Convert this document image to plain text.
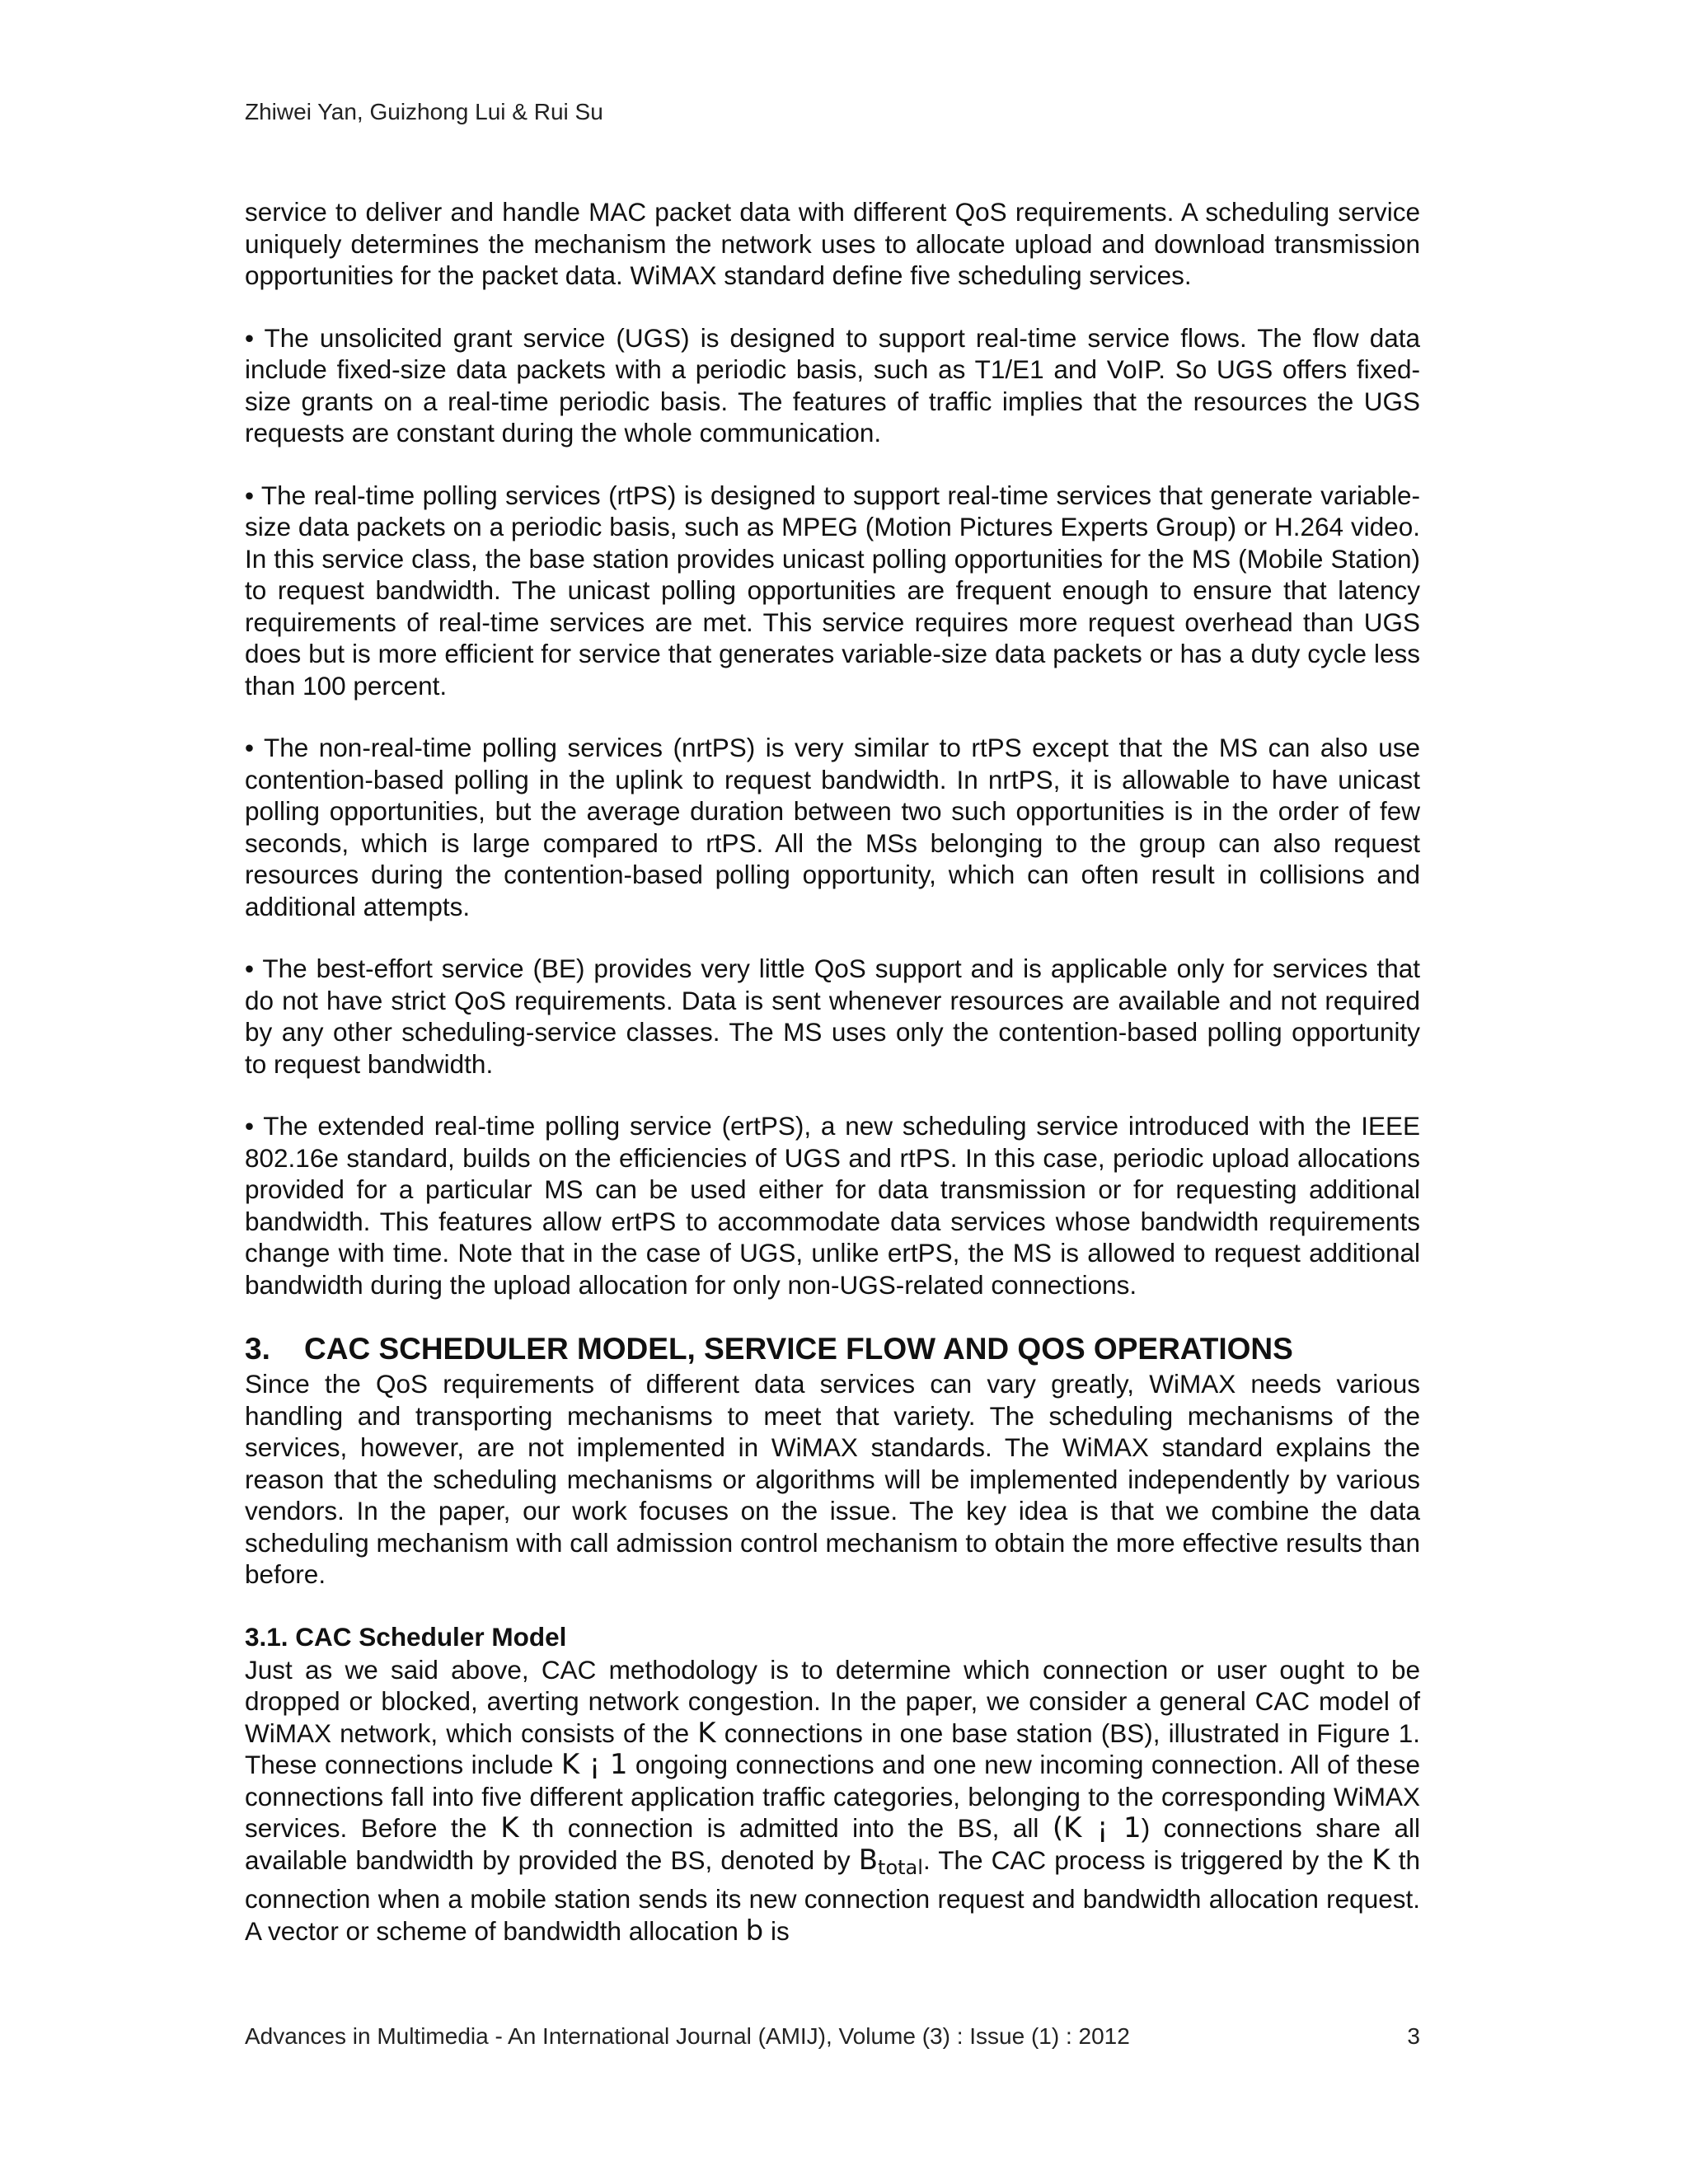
Zhiwei Yan, Guizhong Lui & Rui Su

service to deliver and handle MAC packet data with different QoS requirements. A scheduling service uniquely determines the mechanism the network uses to allocate upload and download transmission opportunities for the packet data. WiMAX standard define five scheduling services.

• The unsolicited grant service (UGS) is designed to support real-time service flows. The flow data include fixed-size data packets with a periodic basis, such as T1/E1 and VoIP. So UGS offers fixed-size grants on a real-time periodic basis. The features of traffic implies that the resources the UGS requests are constant during the whole communication.

• The real-time polling services (rtPS) is designed to support real-time services that generate variable- size data packets on a periodic basis, such as MPEG (Motion Pictures Experts Group) or H.264 video. In this service class, the base station provides unicast polling opportunities for the MS (Mobile Station) to request bandwidth. The unicast polling opportunities are frequent enough to ensure that latency requirements of real-time services are met. This service requires more request overhead than UGS does but is more efficient for service that generates variable-size data packets or has a duty cycle less than 100 percent.

• The non-real-time polling services (nrtPS) is very similar to rtPS except that the MS can also use contention-based polling in the uplink to request bandwidth. In nrtPS, it is allowable to have unicast polling opportunities, but the average duration between two such opportunities is in the order of few seconds, which is large compared to rtPS. All the MSs belonging to the group can also request resources during the contention-based polling opportunity, which can often result in collisions and additional attempts.

• The best-effort service (BE) provides very little QoS support and is applicable only for services that do not have strict QoS requirements. Data is sent whenever resources are available and not required by any other scheduling-service classes. The MS uses only the contention-based polling opportunity to request bandwidth.

• The extended real-time polling service (ertPS), a new scheduling service introduced with the IEEE 802.16e standard, builds on the efficiencies of UGS and rtPS. In this case, periodic upload allocations provided for a particular MS can be used either for data transmission or for requesting additional bandwidth. This features allow ertPS to accommodate data services whose bandwidth requirements change with time. Note that in the case of UGS, unlike ertPS, the MS is allowed to request additional bandwidth during the upload allocation for only non-UGS-related connections.

3. CAC SCHEDULER MODEL, SERVICE FLOW AND QOS OPERATIONS

Since the QoS requirements of different data services can vary greatly, WiMAX needs various handling and transporting mechanisms to meet that variety. The scheduling mechanisms of the services, however, are not implemented in WiMAX standards. The WiMAX standard explains the reason that the scheduling mechanisms or algorithms will be implemented independently by various vendors. In the paper, our work focuses on the issue. The key idea is that we combine the data scheduling mechanism with call admission control mechanism to obtain the more effective results than before.

3.1. CAC Scheduler Model

Just as we said above, CAC methodology is to determine which connection or user ought to be dropped or blocked, averting network congestion. In the paper, we consider a general CAC model of WiMAX network, which consists of the K connections in one base station (BS), illustrated in Figure 1. These connections include K ¡ 1 ongoing connections and one new incoming connection. All of these connections fall into five different application traffic categories, belonging to the corresponding WiMAX services. Before the K th connection is admitted into the BS, all (K ¡ 1) connections share all available bandwidth by provided the BS, denoted by $B_{total}$. The CAC process is triggered by the K th connection when a mobile station sends its new connection request and bandwidth allocation request. A vector or scheme of bandwidth allocation b is

Advances in Multimedia - An International Journal (AMIJ), Volume (3) : Issue (1) : 2012	3
